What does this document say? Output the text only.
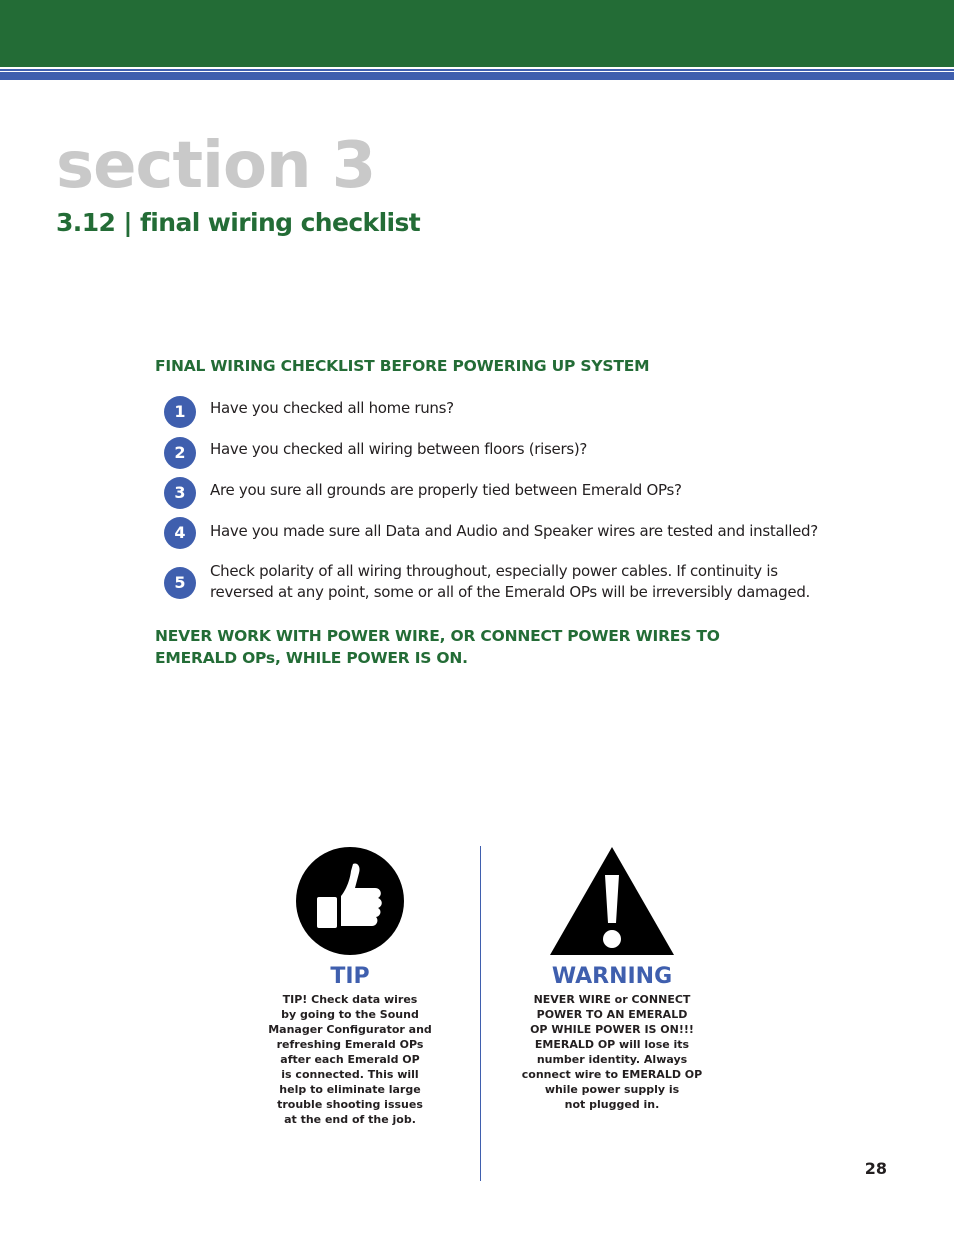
section 3
3.12 | final wiring checklist
FINAL WIRING CHECKLIST BEFORE POWERING UP SYSTEM
1	Have you checked all home runs?
2	Have you checked all wiring between floors (risers)?
3	Are you sure all grounds are properly tied between Emerald OPs?
4	Have you made sure all Data and Audio and Speaker wires are tested and installed?
5
Check polarity of all wiring throughout, especially power cables. If continuity is reversed at any point, some or all of the Emerald OPs will be irreversibly damaged.

NEVER WORK WITH POWER WIRE, OR CONNECT POWER WIRES TO EMERALD OPs, WHILE POWER IS ON.

TIP
TIP! Check data wires
by going to the Sound
Manager Configurator and
refreshing Emerald OPs
after each Emerald OP
is connected. This will
help to eliminate large
trouble shooting issues
at the end of the job.
WARNING
NEVER WIRE or CONNECT
POWER TO AN EMERALD
OP WHILE POWER IS ON!!!
EMERALD OP will lose its
number identity. Always
connect wire to EMERALD OP
while power supply is
not plugged in.
28
